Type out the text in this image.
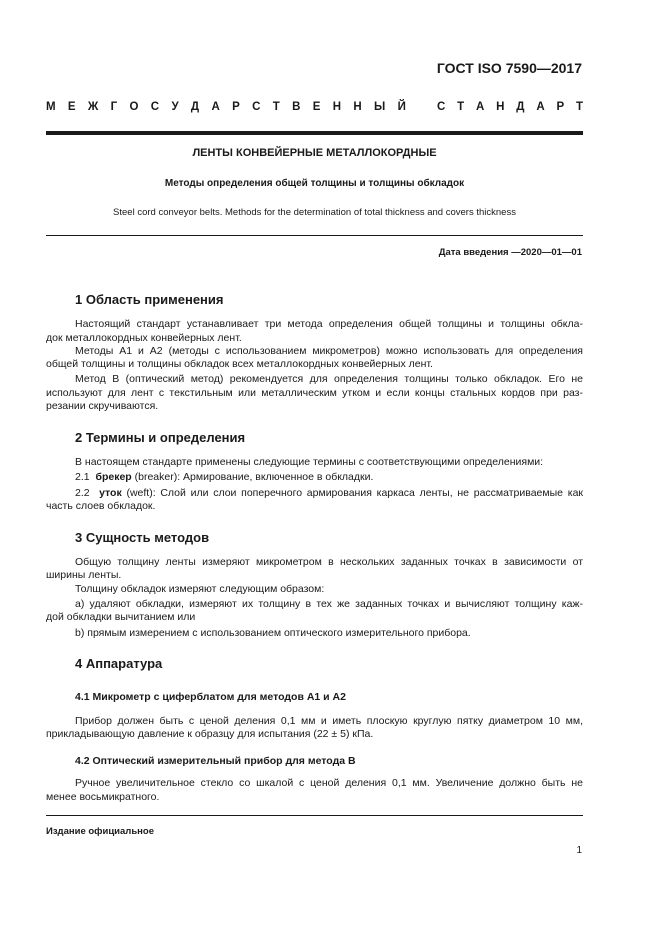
ГОСТ ISO 7590—2017
М Е Ж Г О С У Д А Р С Т В Е Н Н Ы Й	С Т А Н Д А Р Т
ЛЕНТЫ КОНВЕЙЕРНЫЕ МЕТАЛЛОКОРДНЫЕ
Методы определения общей толщины и толщины обкладок
Steel cord conveyor belts. Methods for the determination of total thickness and covers thickness
Дата введения —2020—01—01
1 Область применения
Настоящий стандарт устанавливает три метода определения общей толщины и толщины обкла-
док металлокордных конвейерных лент.
Методы А1 и А2 (методы с использованием микрометров) можно использовать для определения
общей толщины и толщины обкладок всех металлокордных конвейерных лент.
Метод В (оптический метод) рекомендуется для определения толщины только обкладок. Его не
используют для лент с текстильным или металлическим утком и если концы стальных кордов при раз-
резании скручиваются.
2 Термины и определения
В настоящем стандарте применены следующие термины с соответствующими определениями:
2.1 брекер (breaker): Армирование, включенное в обкладки.
2.2 уток (weft): Слой или слои поперечного армирования каркаса ленты, не рассматриваемые как
часть слоев обкладок.
3 Сущность методов
Общую толщину ленты измеряют микрометром в нескольких заданных точках в зависимости от
ширины ленты.
Толщину обкладок измеряют следующим образом:
а) удаляют обкладки, измеряют их толщину в тех же заданных точках и вычисляют толщину каж-
дой обкладки вычитанием или
b) прямым измерением с использованием оптического измерительного прибора.
4 Аппаратура
4.1 Микрометр с циферблатом для методов А1 и А2
Прибор должен быть с ценой деления 0,1 мм и иметь плоскую круглую пятку диаметром 10 мм,
прикладывающую давление к образцу для испытания (22 ± 5) кПа.
4.2 Оптический измерительный прибор для метода В
Ручное увеличительное стекло со шкалой с ценой деления 0,1 мм. Увеличение должно быть не
менее восьмикратного.
Издание официальное
1
